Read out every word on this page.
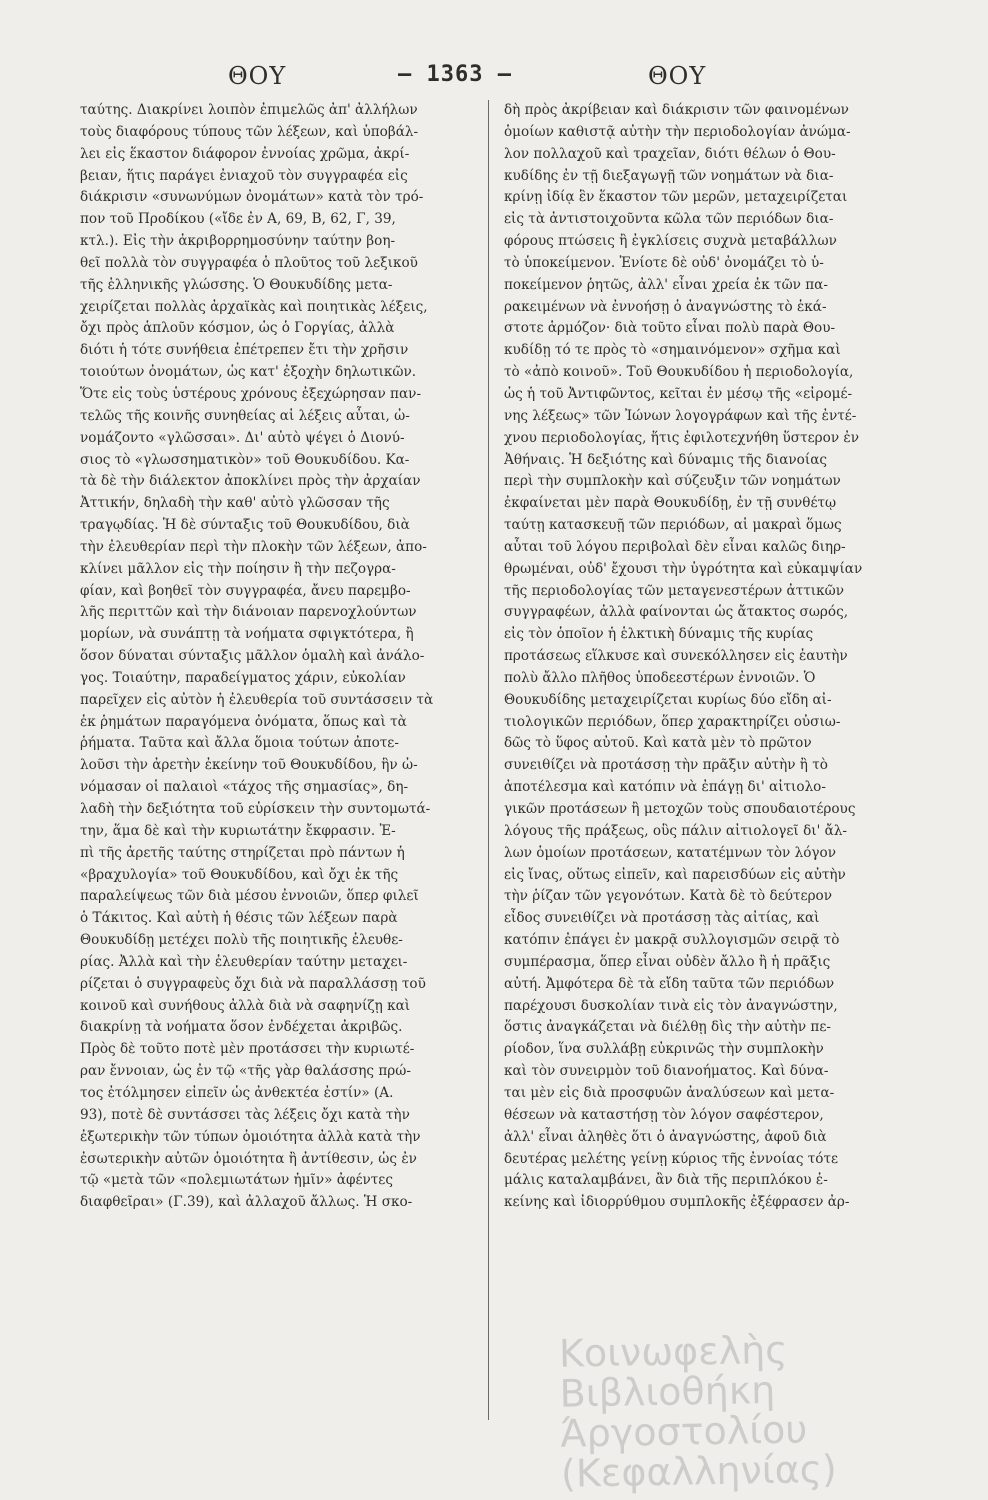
ΘΟΥ	— 1363 —	ΘΟΥ
ταύτης. Διακρίνει λοιπὸν ἐπιμελῶς ἀπ' ἀλλήλων
τοὺς διαφόρους τύπους τῶν λέξεων, καὶ ὑποβάλ-
λει εἰς ἕκαστον διάφορον ἐννοίας χρῶμα, ἀκρί-
βειαν, ἥτις παράγει ἐνιαχοῦ τὸν συγγραφέα εἰς
διάκρισιν «συνωνύμων ὀνομάτων» κατὰ τὸν τρό-
πον τοῦ Προδίκου («ἴδε ἐν Α, 69, Β, 62, Γ, 39,
κτλ.). Εἰς τὴν ἀκριβορρημοσύνην ταύτην βοη-
θεῖ πολλὰ τὸν συγγραφέα ὁ πλοῦτος τοῦ λεξικοῦ
τῆς ἑλληνικῆς γλώσσης. Ὁ Θουκυδίδης μετα-
χειρίζεται πολλὰς ἀρχαϊκὰς καὶ ποιητικὰς λέξεις,
ὄχι πρὸς ἁπλοῦν κόσμον, ὡς ὁ Γοργίας, ἀλλὰ
διότι ἡ τότε συνήθεια ἐπέτρεπεν ἔτι τὴν χρῆσιν
τοιούτων ὀνομάτων, ὡς κατ' ἐξοχὴν δηλωτικῶν.
Ὅτε εἰς τοὺς ὑστέρους χρόνους ἐξεχώρησαν παν-
τελῶς τῆς κοινῆς συνηθείας αἱ λέξεις αὗται, ὠ-
νομάζοντο «γλῶσσαι». Δι' αὐτὸ ψέγει ὁ Διονύ-
σιος τὸ «γλωσσηματικὸν» τοῦ Θουκυδίδου. Κα-
τὰ δὲ τὴν διάλεκτον ἀποκλίνει πρὸς τὴν ἀρχαίαν
Ἀττικήν, δηλαδὴ τὴν καθ' αὐτὸ γλῶσσαν τῆς
τραγῳδίας. Ἡ δὲ σύνταξις τοῦ Θουκυδίδου, διὰ
τὴν ἐλευθερίαν περὶ τὴν πλοκὴν τῶν λέξεων, ἀπο-
κλίνει μᾶλλον εἰς τὴν ποίησιν ἢ τὴν πεζογρα-
φίαν, καὶ βοηθεῖ τὸν συγγραφέα, ἄνευ παρεμβο-
λῆς περιττῶν καὶ τὴν διάνοιαν παρενοχλούντων
μορίων, νὰ συνάπτῃ τὰ νοήματα σφιγκτότερα, ἢ
ὅσον δύναται σύνταξις μᾶλλον ὁμαλὴ καὶ ἀνάλο-
γος. Τοιαύτην, παραδείγματος χάριν, εὐκολίαν
παρεῖχεν εἰς αὐτὸν ἡ ἐλευθερία τοῦ συντάσσειν τὰ
ἐκ ῥημάτων παραγόμενα ὀνόματα, ὅπως καὶ τὰ
ῥήματα. Ταῦτα καὶ ἄλλα ὅμοια τούτων ἀποτε-
λοῦσι τὴν ἀρετὴν ἐκείνην τοῦ Θουκυδίδου, ἣν ὠ-
νόμασαν οἱ παλαιοὶ «τάχος τῆς σημασίας», δη-
λαδὴ τὴν δεξιότητα τοῦ εὑρίσκειν τὴν συντομωτά-
την, ἅμα δὲ καὶ τὴν κυριωτάτην ἔκφρασιν. Ἐ-
πὶ τῆς ἀρετῆς ταύτης στηρίζεται πρὸ πάντων ἡ
«βραχυλογία» τοῦ Θουκυδίδου, καὶ ὄχι ἐκ τῆς
παραλείψεως τῶν διὰ μέσου ἐννοιῶν, ὅπερ φιλεῖ
ὁ Τάκιτος. Καὶ αὐτὴ ἡ θέσις τῶν λέξεων παρὰ
Θουκυδίδῃ μετέχει πολὺ τῆς ποιητικῆς ἐλευθε-
ρίας. Ἀλλὰ καὶ τὴν ἐλευθερίαν ταύτην μεταχει-
ρίζεται ὁ συγγραφεὺς ὄχι διὰ νὰ παραλλάσσῃ τοῦ
κοινοῦ καὶ συνήθους ἀλλὰ διὰ νὰ σαφηνίζῃ καὶ
διακρίνῃ τὰ νοήματα ὅσον ἐνδέχεται ἀκριβῶς.
Πρὸς δὲ τοῦτο ποτὲ μὲν προτάσσει τὴν κυριωτέ-
ραν ἔννοιαν, ὡς ἐν τῷ «τῆς γὰρ θαλάσσης πρώ-
τος ἐτόλμησεν εἰπεῖν ὡς ἀνθεκτέα ἐστίν» (Α.
93), ποτὲ δὲ συντάσσει τὰς λέξεις ὄχι κατὰ τὴν
ἐξωτερικὴν τῶν τύπων ὁμοιότητα ἀλλὰ κατὰ τὴν
ἐσωτερικὴν αὐτῶν ὁμοιότητα ἢ ἀντίθεσιν, ὡς ἐν
τῷ «μετὰ τῶν «πολεμιωτάτων ἡμῖν» ἀφέντες
διαφθεῖραι» (Γ.39), καὶ ἀλλαχοῦ ἄλλως. Ἡ σκο-
δὴ πρὸς ἀκρίβειαν καὶ διάκρισιν τῶν φαινομένων
ὁμοίων καθιστᾷ αὐτὴν τὴν περιοδολογίαν ἀνώμα-
λον πολλαχοῦ καὶ τραχεῖαν, διότι θέλων ὁ Θου-
κυδίδης ἐν τῇ διεξαγωγῇ τῶν νοημάτων νὰ δια-
κρίνῃ ἰδίᾳ ἓν ἕκαστον τῶν μερῶν, μεταχειρίζεται
εἰς τὰ ἀντιστοιχοῦντα κῶλα τῶν περιόδων δια-
φόρους πτώσεις ἢ ἐγκλίσεις συχνὰ μεταβάλλων
τὸ ὑποκείμενον. Ἐνίοτε δὲ οὐδ' ὀνομάζει τὸ ὑ-
ποκείμενον ῥητῶς, ἀλλ' εἶναι χρεία ἐκ τῶν πα-
ρακειμένων νὰ ἐννοήσῃ ὁ ἀναγνώστης τὸ ἑκά-
στοτε ἁρμόζον· διὰ τοῦτο εἶναι πολὺ παρὰ Θου-
κυδίδῃ τό τε πρὸς τὸ «σημαινόμενον» σχῆμα καὶ
τὸ «ἀπὸ κοινοῦ». Τοῦ Θουκυδίδου ἡ περιοδολογία,
ὡς ἡ τοῦ Ἀντιφῶντος, κεῖται ἐν μέσῳ τῆς «εἰρομέ-
νης λέξεως» τῶν Ἰώνων λογογράφων καὶ τῆς ἐντέ-
χνου περιοδολογίας, ἥτις ἐφιλοτεχνήθη ὕστερον ἐν
Ἀθήναις. Ἡ δεξιότης καὶ δύναμις τῆς διανοίας
περὶ τὴν συμπλοκὴν καὶ σύζευξιν τῶν νοημάτων
ἐκφαίνεται μὲν παρὰ Θουκυδίδῃ, ἐν τῇ συνθέτῳ
ταύτῃ κατασκευῇ τῶν περιόδων, αἱ μακραὶ ὅμως
αὗται τοῦ λόγου περιβολαὶ δὲν εἶναι καλῶς διηρ-
θρωμέναι, οὐδ' ἔχουσι τὴν ὑγρότητα καὶ εὐκαμψίαν
τῆς περιοδολογίας τῶν μεταγενεστέρων ἀττικῶν
συγγραφέων, ἀλλὰ φαίνονται ὡς ἄτακτος σωρός,
εἰς τὸν ὁποῖον ἡ ἑλκτικὴ δύναμις τῆς κυρίας
προτάσεως εἵλκυσε καὶ συνεκόλλησεν εἰς ἑαυτὴν
πολὺ ἄλλο πλῆθος ὑποδεεστέρων ἐννοιῶν. Ὁ
Θουκυδίδης μεταχειρίζεται κυρίως δύο εἴδη αἰ-
τιολογικῶν περιόδων, ὅπερ χαρακτηρίζει οὐσιω-
δῶς τὸ ὕφος αὐτοῦ. Καὶ κατὰ μὲν τὸ πρῶτον
συνειθίζει νὰ προτάσσῃ τὴν πρᾶξιν αὐτὴν ἢ τὸ
ἀποτέλεσμα καὶ κατόπιν νὰ ἐπάγῃ δι' αἰτιολο-
γικῶν προτάσεων ἢ μετοχῶν τοὺς σπουδαιοτέρους
λόγους τῆς πράξεως, οὓς πάλιν αἰτιολογεῖ δι' ἄλ-
λων ὁμοίων προτάσεων, κατατέμνων τὸν λόγον
εἰς ἴνας, οὕτως εἰπεῖν, καὶ παρεισδύων εἰς αὐτὴν
τὴν ῥίζαν τῶν γεγονότων. Κατὰ δὲ τὸ δεύτερον
εἶδος συνειθίζει νὰ προτάσσῃ τὰς αἰτίας, καὶ
κατόπιν ἐπάγει ἐν μακρᾷ συλλογισμῶν σειρᾷ τὸ
συμπέρασμα, ὅπερ εἶναι οὐδὲν ἄλλο ἢ ἡ πρᾶξις
αὐτή. Ἀμφότερα δὲ τὰ εἴδη ταῦτα τῶν περιόδων
παρέχουσι δυσκολίαν τινὰ εἰς τὸν ἀναγνώστην,
ὅστις ἀναγκάζεται νὰ διέλθῃ δὶς τὴν αὐτὴν πε-
ρίοδον, ἵνα συλλάβῃ εὐκρινῶς τὴν συμπλοκὴν
καὶ τὸν συνειρμὸν τοῦ διανοήματος. Καὶ δύνα-
ται μὲν εἰς διὰ προσφυῶν ἀναλύσεων καὶ μετα-
θέσεων νὰ καταστήσῃ τὸν λόγον σαφέστερον,
ἀλλ' εἶναι ἀληθὲς ὅτι ὁ ἀναγνώστης, ἀφοῦ διὰ
δευτέρας μελέτης γείνῃ κύριος τῆς ἐννοίας τότε
μάλις καταλαμβάνει, ἂν διὰ τῆς περιπλόκου ἐ-
κείνης καὶ ἰδιορρύθμου συμπλοκῆς ἐξέφρασεν ἀρ-
Κοινωφελὴς Βιβλιοθήκη Άργοστολίου (Κεφαλληνίας)
